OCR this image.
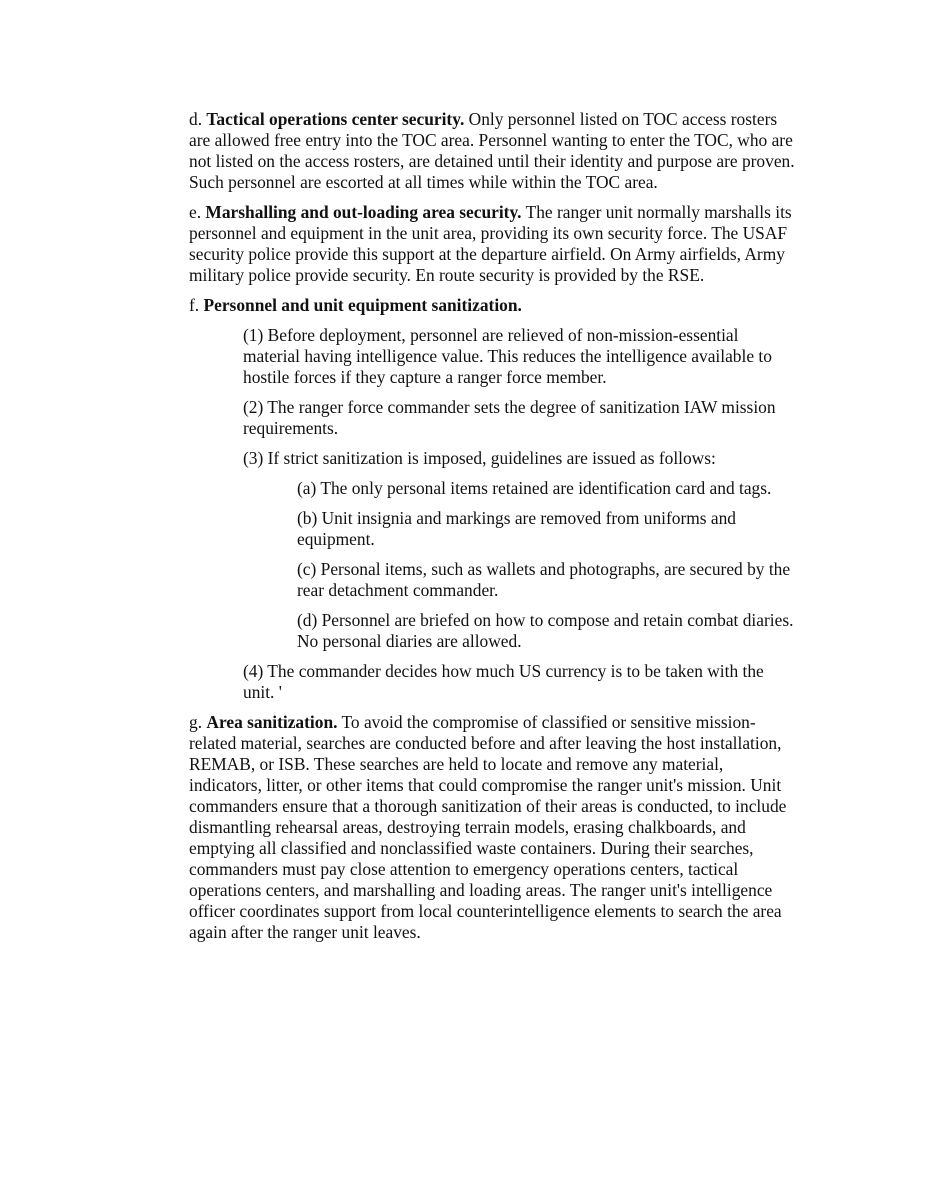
d. Tactical operations center security. Only personnel listed on TOC access rosters are allowed free entry into the TOC area. Personnel wanting to enter the TOC, who are not listed on the access rosters, are detained until their identity and purpose are proven. Such personnel are escorted at all times while within the TOC area.

e. Marshalling and out-loading area security. The ranger unit normally marshalls its personnel and equipment in the unit area, providing its own security force. The USAF security police provide this support at the departure airfield. On Army airfields, Army military police provide security. En route security is provided by the RSE.

f. Personnel and unit equipment sanitization.

(1) Before deployment, personnel are relieved of non-mission-essential material having intelligence value. This reduces the intelligence available to hostile forces if they capture a ranger force member.

(2) The ranger force commander sets the degree of sanitization IAW mission requirements.

(3) If strict sanitization is imposed, guidelines are issued as follows:

(a) The only personal items retained are identification card and tags.

(b) Unit insignia and markings are removed from uniforms and equipment.

(c) Personal items, such as wallets and photographs, are secured by the rear detachment commander.

(d) Personnel are briefed on how to compose and retain combat diaries. No personal diaries are allowed.

(4) The commander decides how much US currency is to be taken with the unit. '

g. Area sanitization. To avoid the compromise of classified or sensitive mission-related material, searches are conducted before and after leaving the host installation, REMAB, or ISB. These searches are held to locate and remove any material, indicators, litter, or other items that could compromise the ranger unit's mission. Unit commanders ensure that a thorough sanitization of their areas is conducted, to include dismantling rehearsal areas, destroying terrain models, erasing chalkboards, and emptying all classified and nonclassified waste containers. During their searches, commanders must pay close attention to emergency operations centers, tactical operations centers, and marshalling and loading areas. The ranger unit's intelligence officer coordinates support from local counterintelligence elements to search the area again after the ranger unit leaves.
